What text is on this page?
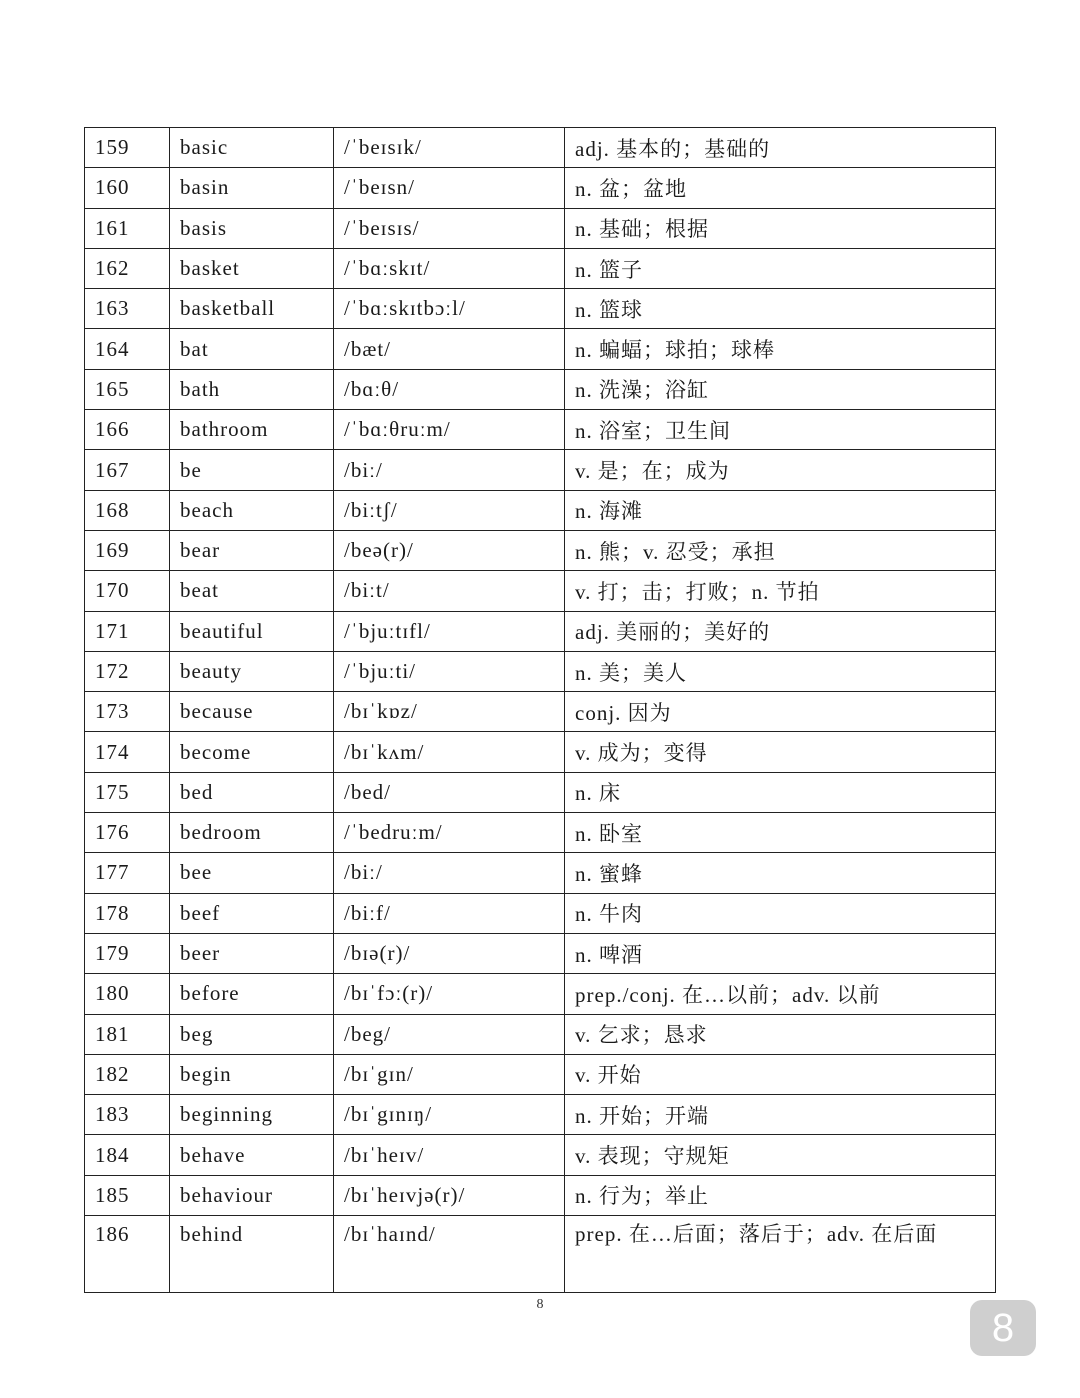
159	basic	/ˈbeɪsɪk/	adj. 基本的；基础的
160	basin	/ˈbeɪsn/	n. 盆；盆地
161	basis	/ˈbeɪsɪs/	n. 基础；根据
162	basket	/ˈbɑːskɪt/	n. 篮子
163	basketball	/ˈbɑːskɪtbɔːl/	n. 篮球
164	bat	/bæt/	n. 蝙蝠；球拍；球棒
165	bath	/bɑːθ/	n. 洗澡；浴缸
166	bathroom	/ˈbɑːθruːm/	n. 浴室；卫生间
167	be	/biː/	v. 是；在；成为
168	beach	/biːtʃ/	n. 海滩
169	bear	/beə(r)/	n. 熊；v. 忍受；承担
170	beat	/biːt/	v. 打；击；打败；n. 节拍
171	beautiful	/ˈbjuːtɪfl/	adj. 美丽的；美好的
172	beauty	/ˈbjuːti/	n. 美；美人
173	because	/bɪˈkɒz/	conj. 因为
174	become	/bɪˈkʌm/	v. 成为；变得
175	bed	/bed/	n. 床
176	bedroom	/ˈbedruːm/	n. 卧室
177	bee	/biː/	n. 蜜蜂
178	beef	/biːf/	n. 牛肉
179	beer	/bɪə(r)/	n. 啤酒
180	before	/bɪˈfɔː(r)/	prep./conj. 在…以前；adv. 以前
181	beg	/beg/	v. 乞求；恳求
182	begin	/bɪˈgɪn/	v. 开始
183	beginning	/bɪˈgɪnɪŋ/	n. 开始；开端
184	behave	/bɪˈheɪv/	v. 表现；守规矩
185	behaviour	/bɪˈheɪvjə(r)/	n. 行为；举止
186	behind	/bɪˈhaɪnd/	prep. 在…后面；落后于；adv. 在后面
8
8
